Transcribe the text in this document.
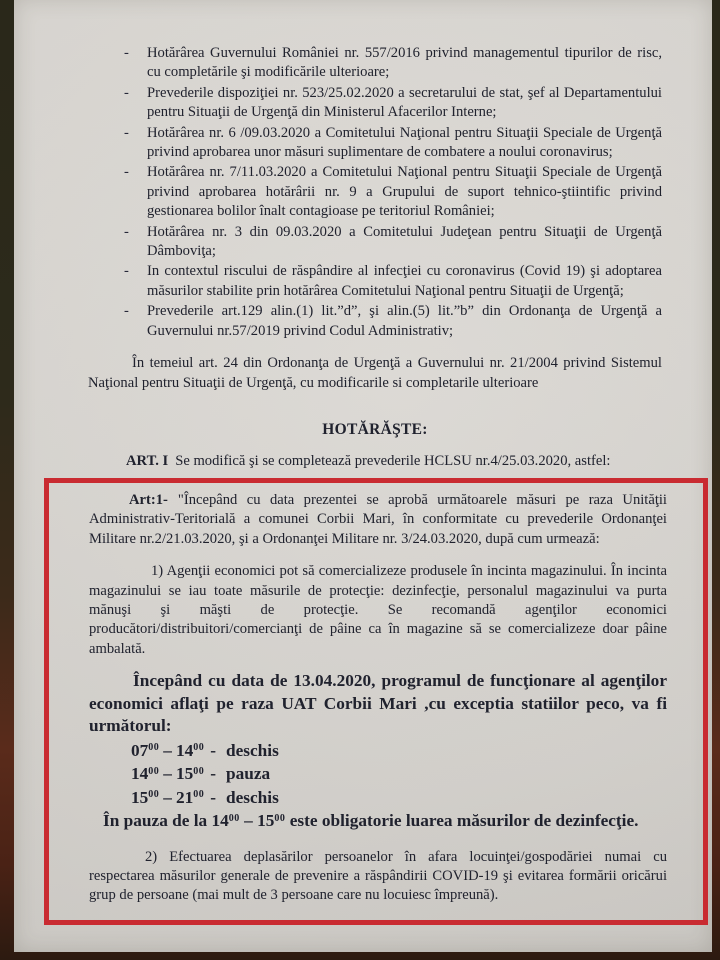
-	Hotărârea Guvernului României nr. 557/2016 privind managementul tipurilor de risc, cu completările şi modificările ulterioare;
-	Prevederile dispoziţiei nr. 523/25.02.2020 a secretarului de stat, şef al Departamentului pentru Situaţii de Urgenţă din Ministerul Afacerilor Interne;
-	Hotărârea nr. 6 /09.03.2020 a Comitetului Naţional pentru Situaţii Speciale de Urgenţă privind aprobarea unor măsuri suplimentare de combatere a noului coronavirus;
-	Hotărârea nr. 7/11.03.2020 a Comitetului Naţional pentru Situaţii Speciale de Urgenţă privind aprobarea hotărârii nr. 9 a Grupului de suport tehnico-ştiintific privind gestionarea bolilor înalt contagioase pe teritoriul României;
-	Hotărârea nr. 3 din 09.03.2020 a Comitetului Judeţean pentru Situaţii de Urgenţă Dâmboviţa;
-	In contextul riscului de răspândire al infecţiei cu coronavirus (Covid 19) şi adoptarea măsurilor stabilite prin hotărârea Comitetului Naţional pentru Situaţii de Urgenţă;
-	Prevederile art.129 alin.(1) lit.”d”, şi alin.(5) lit.”b” din Ordonanţa de Urgenţă a Guvernului nr.57/2019 privind Codul Administrativ;

În temeiul art. 24 din Ordonanţa de Urgenţă a Guvernului nr. 21/2004 privind Sistemul Naţional pentru Situaţii de Urgenţă, cu modificarile si completarile ulterioare

HOTĂRĂŞTE:

ART. I Se modifică şi se completează prevederile HCLSU nr.4/25.03.2020, astfel:

Art:1- "Începând cu data prezentei se aprobă următoarele măsuri pe raza Unităţii Administrativ-Teritorială a comunei Corbii Mari, în conformitate cu prevederile Ordonanţei Militare nr.2/21.03.2020, şi a Ordonanţei Militare nr. 3/24.03.2020, după cum urmează:

1) Agenţii economici pot să comercializeze produsele în incinta magazinului. În incinta magazinului se iau toate măsurile de protecţie: dezinfecţie, personalul magazinului va purta mănuşi şi măşti de protecţie. Se recomandă agenţilor economici producători/distribuitori/comercianţi de pâine ca în magazine să se comercializeze doar pâine ambalată.

Începând cu data de 13.04.2020, programul de funcţionare al agenţilor economici aflaţi pe raza UAT Corbii Mari ,cu exceptia statiilor peco, va fi următorul:

$07^{00} - 14^{00}$ - deschis
$14^{00} - 15^{00}$ - pauza
$15^{00} - 21^{00}$ - deschis

În pauza de la $14^{00} - 15^{00}$ este obligatorie luarea măsurilor de dezinfecţie.

2) Efectuarea deplasărilor persoanelor în afara locuinţei/gospodăriei numai cu respectarea măsurilor generale de prevenire a răspândirii COVID-19 şi evitarea formării oricărui grup de persoane (mai mult de 3 persoane care nu locuiesc împreună).
